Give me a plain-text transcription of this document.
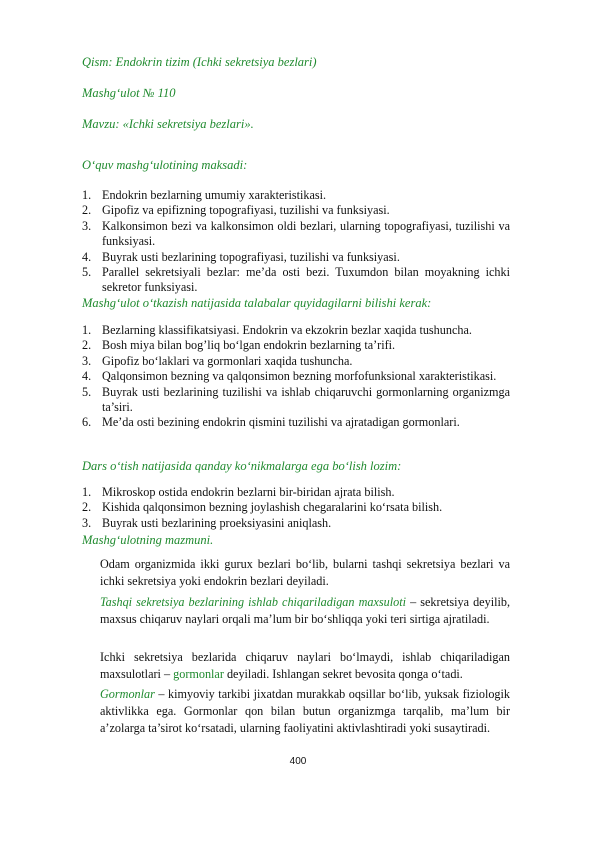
Qism: Endokrin tizim (Ichki sekretsiya bezlari)
Mashg‘ulot № 110
Mavzu: «Ichki sekretsiya bezlari».
O‘quv mashg‘ulotining maksadi:
1. Endokrin bezlarning umumiy xarakteristikasi.
2. Gipofiz va epifizning topografiyasi, tuzilishi va funksiyasi.
3. Kalkonsimon bezi va kalkonsimon oldi bezlari, ularning topografiyasi, tuzilishi va funksiyasi.
4. Buyrak usti bezlarining topografiyasi, tuzilishi va funksiyasi.
5. Parallel sekretsiyali bezlar: me’da osti bezi. Tuxumdon bilan moyakning ichki sekretor funksiyasi.
Mashg‘ulot o‘tkazish natijasida talabalar quyidagilarni bilishi kerak:
1. Bezlarning klassifikatsiyasi. Endokrin va ekzokrin bezlar xaqida tushuncha.
2. Bosh miya bilan bog’liq bo‘lgan endokrin bezlarning ta’rifi.
3. Gipofiz bo‘laklari va gormonlari xaqida tushuncha.
4. Qalqonsimon bezning va qalqonsimon bezning morfofunksional xarakteristikasi.
5. Buyrak usti bezlarining tuzilishi va ishlab chiqaruvchi gormonlarning organizmga ta’siri.
6. Me’da osti bezining endokrin qismini tuzilishi va ajratadigan gormonlari.
Dars o‘tish natijasida qanday ko‘nikmalarga ega bo‘lish lozim:
1. Mikroskop ostida endokrin bezlarni bir-biridan ajrata bilish.
2. Kishida qalqonsimon bezning joylashish chegaralarini ko‘rsata bilish.
3. Buyrak usti bezlarining proeksiyasini aniqlash.
Mashg‘ulotning mazmuni.

Odam organizmida ikki gurux bezlari bo‘lib, bularni tashqi sekretsiya bezlari va ichki sekretsiya yoki endokrin bezlari deyiladi.

Tashqi sekretsiya bezlarining ishlab chiqariladigan maxsuloti – sekretsiya deyilib, maxsus chiqaruv naylari orqali ma’lum bir bo‘shliqqa yoki teri sirtiga ajratiladi.

Ichki sekretsiya bezlarida chiqaruv naylari bo‘lmaydi, ishlab chiqariladigan maxsulotlari – gormonlar deyiladi. Ishlangan sekret bevosita qonga o‘tadi.

Gormonlar – kimyoviy tarkibi jixatdan murakkab oqsillar bo‘lib, yuksak fiziologik aktivlikka ega. Gormonlar qon bilan butun organizmga tarqalib, ma’lum bir a’zolarga ta’sirot ko‘rsatadi, ularning faoliyatini aktivlashtiradi yoki susaytiradi.

400
